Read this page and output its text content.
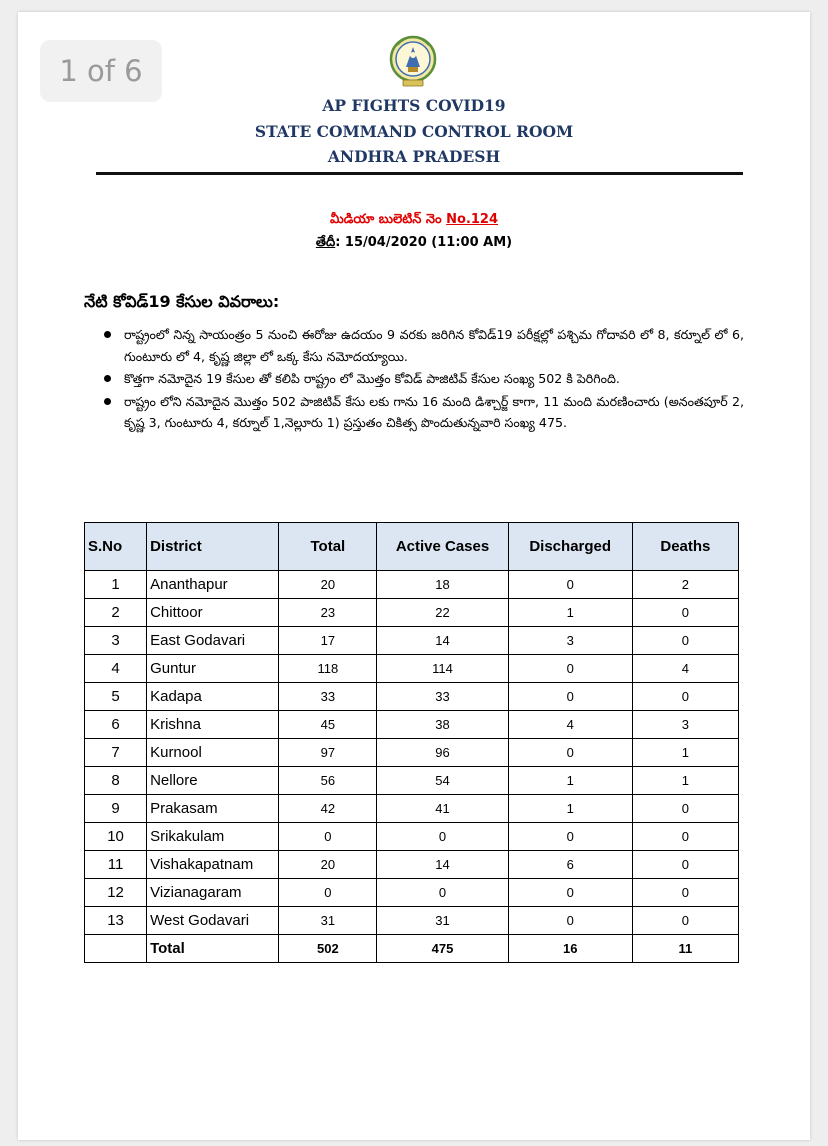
1 of 6
AP FIGHTS COVID19
STATE COMMAND CONTROL ROOM
ANDHRA PRADESH
మీడియా బులెటిన్ నెం No.124
తేదీ: 15/04/2020 (11:00 AM)
నేటి కోవిడ్19 కేసుల వివరాలు:
రాష్ట్రంలో నిన్న సాయంత్రం 5 నుంచి ఈరోజు ఉదయం 9 వరకు జరిగిన కోవిడ్19 పరీక్షల్లో పశ్చిమ గోదావరి లో 8, కర్నూల్ లో 6, గుంటూరు లో 4, కృష్ణ జిల్లా లో ఒక్క కేసు నమోదయ్యాయి.
కొత్తగా నమోదైన 19 కేసుల తో కలిపి రాష్ట్రం లో మొత్తం కోవిడ్ పాజిటివ్ కేసుల సంఖ్య 502 కి పెరిగింది.
రాష్ట్రం లోని నమోదైన మొత్తం 502 పాజిటివ్ కేసు లకు గాను 16 మంది డిశ్చార్జ్ కాగా, 11 మంది మరణించారు (అనంతపూర్ 2, కృష్ణ 3, గుంటూరు 4, కర్నూల్ 1,నెల్లూరు 1) ప్రస్తుతం చికిత్స పొందుతున్నవారి సంఖ్య 475.
S.No	District	Total	Active Cases	Discharged	Deaths
1	Ananthapur	20	18	0	2
2	Chittoor	23	22	1	0
3	East Godavari	17	14	3	0
4	Guntur	118	114	0	4
5	Kadapa	33	33	0	0
6	Krishna	45	38	4	3
7	Kurnool	97	96	0	1
8	Nellore	56	54	1	1
9	Prakasam	42	41	1	0
10	Srikakulam	0	0	0	0
11	Vishakapatnam	20	14	6	0
12	Vizianagaram	0	0	0	0
13	West Godavari	31	31	0	0
	Total	502	475	16	11
